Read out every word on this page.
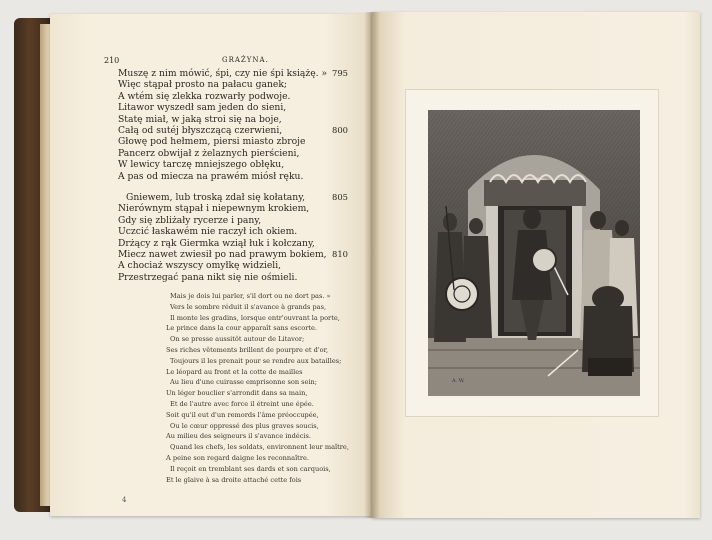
210	GRAŻYNA.
Muszę z nim mówić, śpi, czy nie śpi książę. » 795
Więc stąpał prosto na pałacu ganek;
A wtém się zlekka rozwarły podwoje.
Litawor wyszedł sam jeden do sieni,
Statę miał, w jaką stroi się na boje,
Całą od sutéj błyszczącą czerwieni,	800
Głowę pod hełmem, piersi miasto zbroje
Pancerz obwijał z żelaznych pierścieni,
W lewicy tarczę mniejszego obłęku,
A pas od miecza na prawém miósł ręku.
Gniewem, lub troską zdał się kołatany,	805
Nierównym stąpał i niepewnym krokiem,
Gdy się zbliżały rycerze i pany,
Uczcić łaskawém nie raczył ich okiem.
Drżący z rąk Giermka wziął łuk i kołczany,
Miecz nawet zwiesił po nad prawym bokiem, 810
A chociaż wszyscy omyłkę widzieli,
Przestrzegać pana nikt się nie ośmieli.
Mais je dois lui parler, s'il dort ou ne dort pas. »
Vers le sombre réduit il s'avance à grands pas,
Il monte les gradins, lorsque entr'ouvrant la porte,
Le prince dans la cour apparaît sans escorte.
On se presse aussitôt autour de Litavor;
Ses riches vêtements brillent de pourpre et d'or,
Toujours il les prenait pour se rendre aux batailles;
Le léopard au front et la cotte de mailles
Au lieu d'une cuirasse emprisonne son sein;
Un léger bouclier s'arrondit dans sa main,
Et de l'autre avec force il étreint une épée.
Soit qu'il eut d'un remords l'âme préoccupée,
Ou le cœur oppressé des plus graves soucis,
Au milieu des seigneurs il s'avance indécis.
Quand les chefs, les soldats, environnent leur maître,
A peine son regard daigne les reconnaître.
Il reçoit en tremblant ses dards et son carquois,
Et le glaive à sa droite attaché cette fois
4
A. W.
